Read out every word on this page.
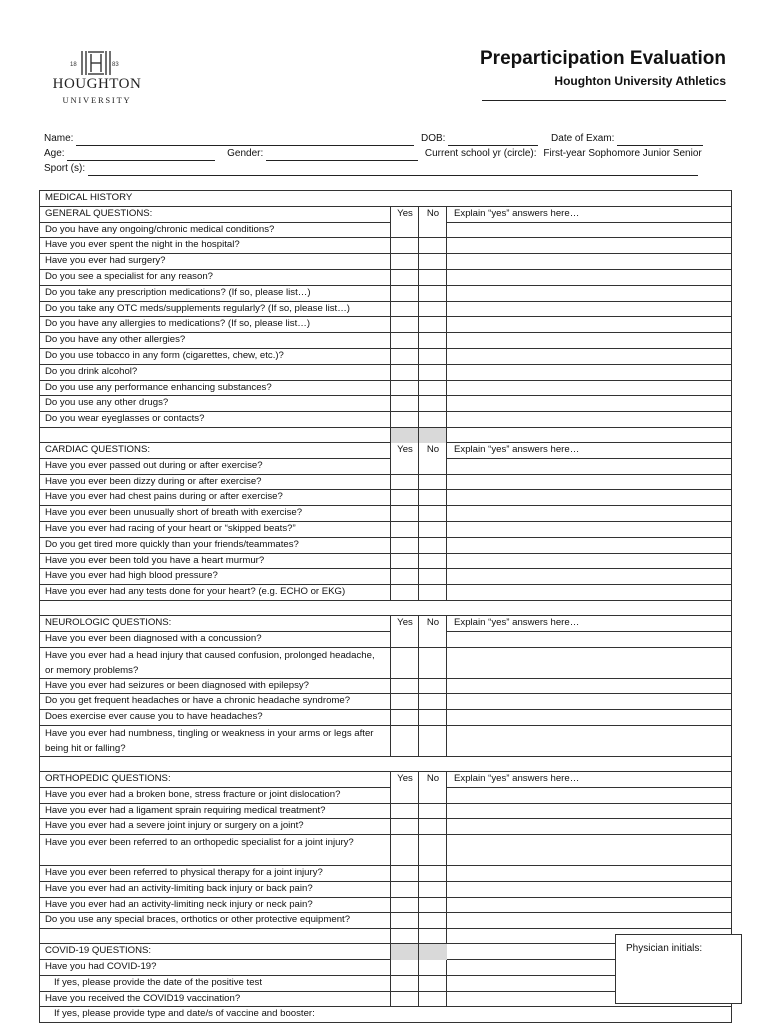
18	83
HOUGHTON
UNIVERSITY
Preparticipation Evaluation
Houghton University Athletics
Name:	DOB:	Date of Exam:
Age:	Gender:	Current school yr (circle): First-year Sophomore Junior Senior
Sport (s):
MEDICAL HISTORY
GENERAL QUESTIONS:	Yes	No	Explain “yes” answers here…
Do you have any ongoing/chronic medical conditions?
Have you ever spent the night in the hospital?
Have you ever had surgery?
Do you see a specialist for any reason?
Do you take any prescription medications? (If so, please list…)
Do you take any OTC meds/supplements regularly? (If so, please list…)
Do you have any allergies to medications? (If so, please list…)
Do you have any other allergies?
Do you use tobacco in any form (cigarettes, chew, etc.)?
Do you drink alcohol?
Do you use any performance enhancing substances?
Do you use any other drugs?
Do you wear eyeglasses or contacts?
CARDIAC QUESTIONS:	Yes	No	Explain “yes” answers here…
Have you ever passed out during or after exercise?
Have you ever been dizzy during or after exercise?
Have you ever had chest pains during or after exercise?
Have you ever been unusually short of breath with exercise?
Have you ever had racing of your heart or “skipped beats?”
Do you get tired more quickly than your friends/teammates?
Have you ever been told you have a heart murmur?
Have you ever had high blood pressure?
Have you ever had any tests done for your heart? (e.g. ECHO or EKG)
NEUROLOGIC QUESTIONS:	Yes	No	Explain “yes” answers here…
Have you ever been diagnosed with a concussion?
Have you ever had a head injury that caused confusion, prolonged headache, or memory problems?
Have you ever had seizures or been diagnosed with epilepsy?
Do you get frequent headaches or have a chronic headache syndrome?
Does exercise ever cause you to have headaches?
Have you ever had numbness, tingling or weakness in your arms or legs after being hit or falling?
ORTHOPEDIC QUESTIONS:	Yes	No	Explain “yes” answers here…
Have you ever had a broken bone, stress fracture or joint dislocation?
Have you ever had a ligament sprain requiring medical treatment?
Have you ever had a severe joint injury or surgery on a joint?
Have you ever been referred to an orthopedic specialist for a joint injury?
Have you ever been referred to physical therapy for a joint injury?
Have you ever had an activity-limiting back injury or back pain?
Have you ever had an activity-limiting neck injury or neck pain?
Do you use any special braces, orthotics or other protective equipment?
COVID-19 QUESTIONS:
Have you had COVID-19?
If yes, please provide the date of the positive test
Have you received the COVID19 vaccination?
If yes, please provide type and date/s of vaccine and booster:
Physician initials:
